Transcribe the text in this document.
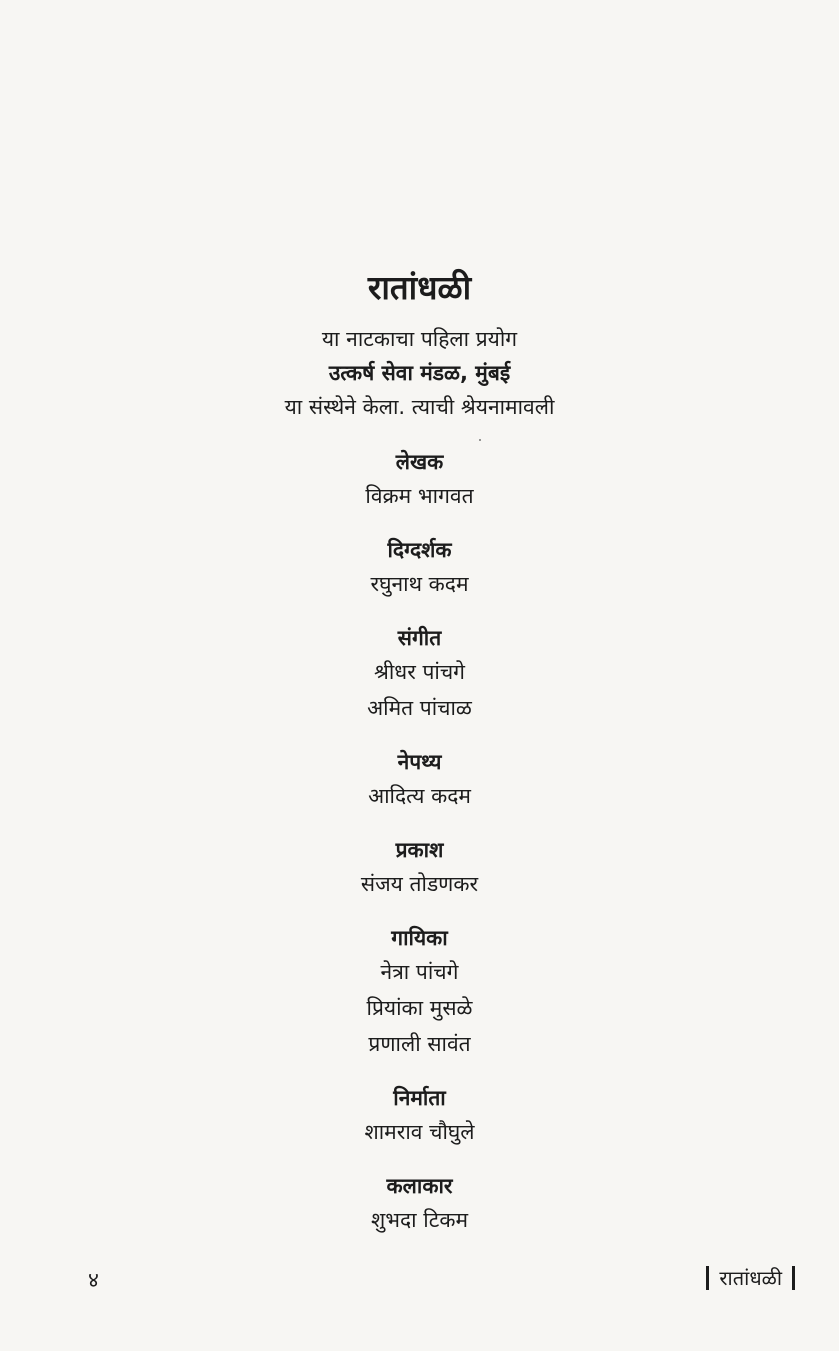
रातांधळी
या नाटकाचा पहिला प्रयोग
उत्कर्ष सेवा मंडळ, मुंबई
या संस्थेने केला. त्याची श्रेयनामावली
लेखक
विक्रम भागवत
दिग्दर्शक
रघुनाथ कदम
संगीत
श्रीधर पांचगे
अमित पांचाळ
नेपथ्य
आदित्य कदम
प्रकाश
संजय तोडणकर
गायिका
नेत्रा पांचगे
प्रियांका मुसळे
प्रणाली सावंत
निर्माता
शामराव चौघुले
कलाकार
शुभदा टिकम
४	रातांधळी
